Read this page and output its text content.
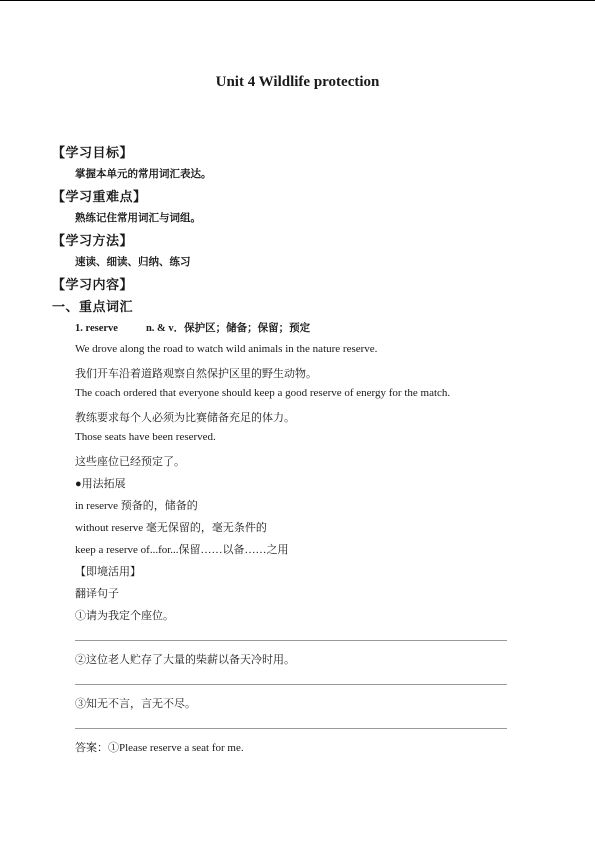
Unit 4 Wildlife protection
【学习目标】
掌握本单元的常用词汇表达。
【学习重难点】
熟练记住常用词汇与词组。
【学习方法】
速读、细读、归纳、练习
【学习内容】
一、重点词汇
1. reserve	n. & v．保护区；储备；保留；预定
We drove along the road to watch wild animals in the nature reserve.
我们开车沿着道路观察自然保护区里的野生动物。
The coach ordered that everyone should keep a good reserve of energy for the match.
教练要求每个人必须为比赛储备充足的体力。
Those seats have been reserved.
这些座位已经预定了。
●用法拓展
in reserve 预备的，储备的
without reserve 毫无保留的，毫无条件的
keep a reserve of...for...保留……以备……之用
【即境活用】
翻译句子
①请为我定个座位。
②这位老人贮存了大量的柴薪以备天冷时用。
③知无不言，言无不尽。
答案：①Please reserve a seat for me.
